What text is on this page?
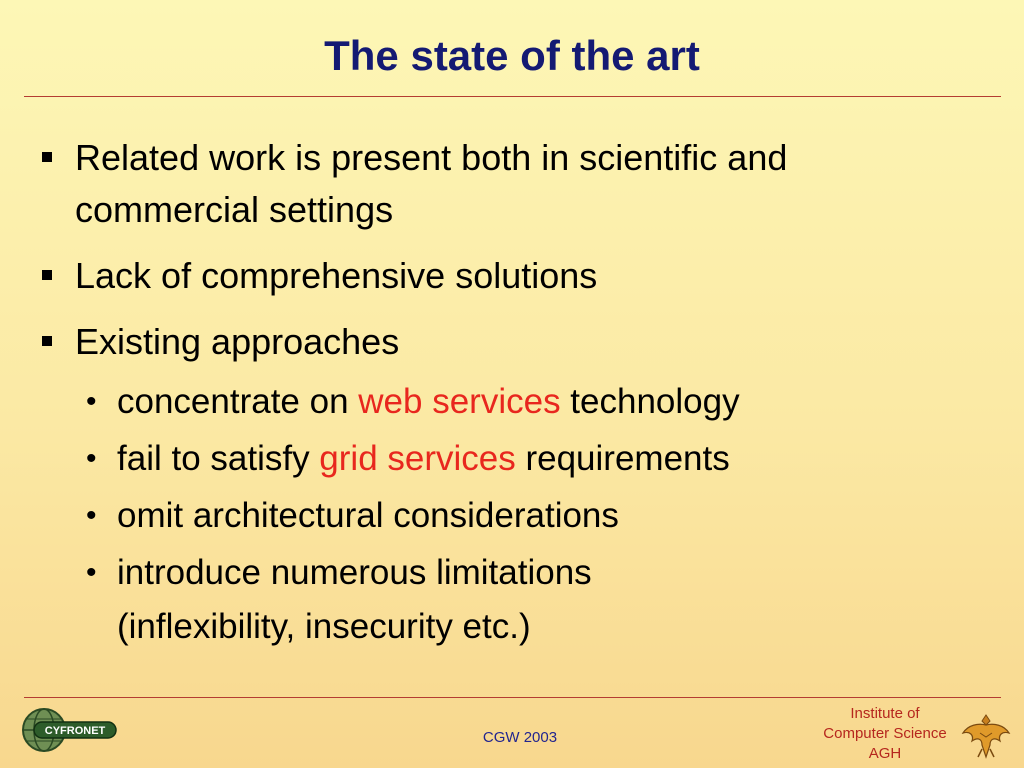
The state of the art
Related work is present both in scientific and
commercial settings
Lack of comprehensive solutions
Existing approaches
• concentrate on web services technology
• fail to satisfy grid services requirements
• omit architectural considerations
• introduce numerous limitations
(inflexibility, insecurity etc.)
CYFRONET	CGW 2003
Institute of
Computer Science
AGH
